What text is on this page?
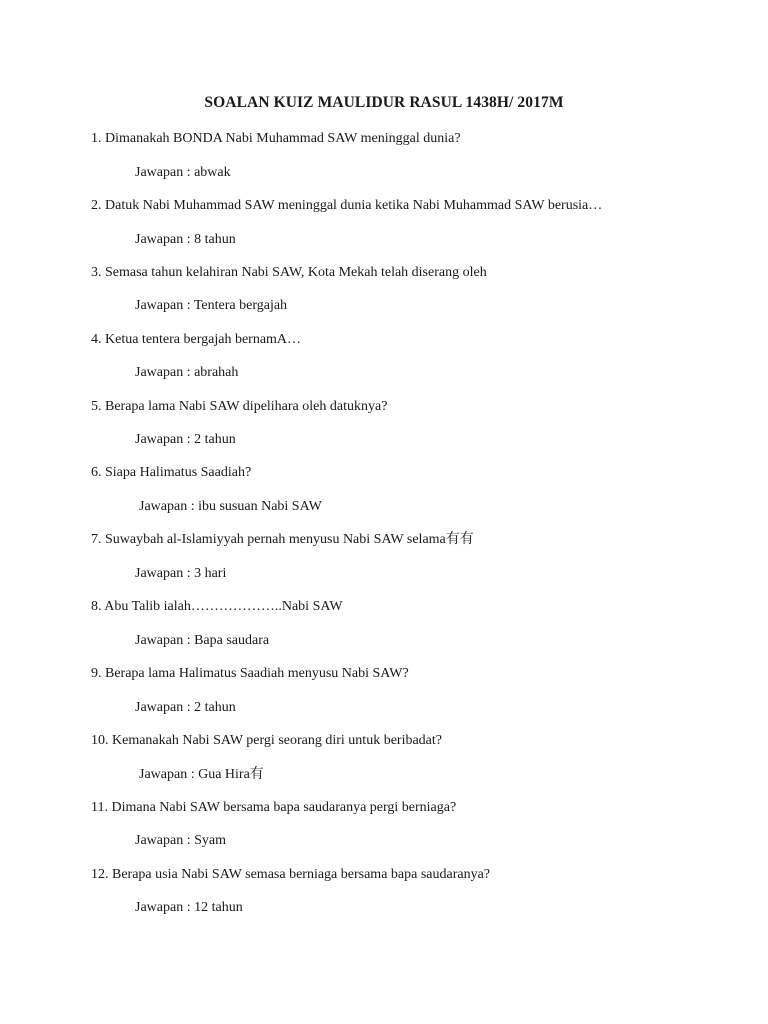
SOALAN KUIZ MAULIDUR RASUL 1438H/ 2017M
1. Dimanakah BONDA Nabi Muhammad SAW meninggal dunia?
Jawapan : abwak
2. Datuk Nabi Muhammad SAW meninggal dunia ketika Nabi Muhammad SAW berusia…
Jawapan : 8 tahun
3. Semasa tahun kelahiran Nabi SAW, Kota Mekah telah diserang oleh
Jawapan : Tentera bergajah
4. Ketua tentera bergajah bernamA…
Jawapan : abrahah
5. Berapa lama Nabi SAW dipelihara oleh datuknya?
Jawapan : 2 tahun
6. Siapa Halimatus Saadiah?
Jawapan : ibu susuan Nabi SAW
7. Suwaybah al-Islamiyyah pernah menyusu Nabi SAW selama有有
Jawapan : 3 hari
8. Abu Talib ialah………………..Nabi SAW
Jawapan : Bapa saudara
9. Berapa lama Halimatus Saadiah menyusu Nabi SAW?
Jawapan : 2 tahun
10. Kemanakah Nabi SAW pergi seorang diri untuk beribadat?
Jawapan : Gua Hira有
11. Dimana Nabi SAW bersama bapa saudaranya pergi berniaga?
Jawapan : Syam
12. Berapa usia Nabi SAW semasa berniaga bersama bapa saudaranya?
Jawapan : 12 tahun
